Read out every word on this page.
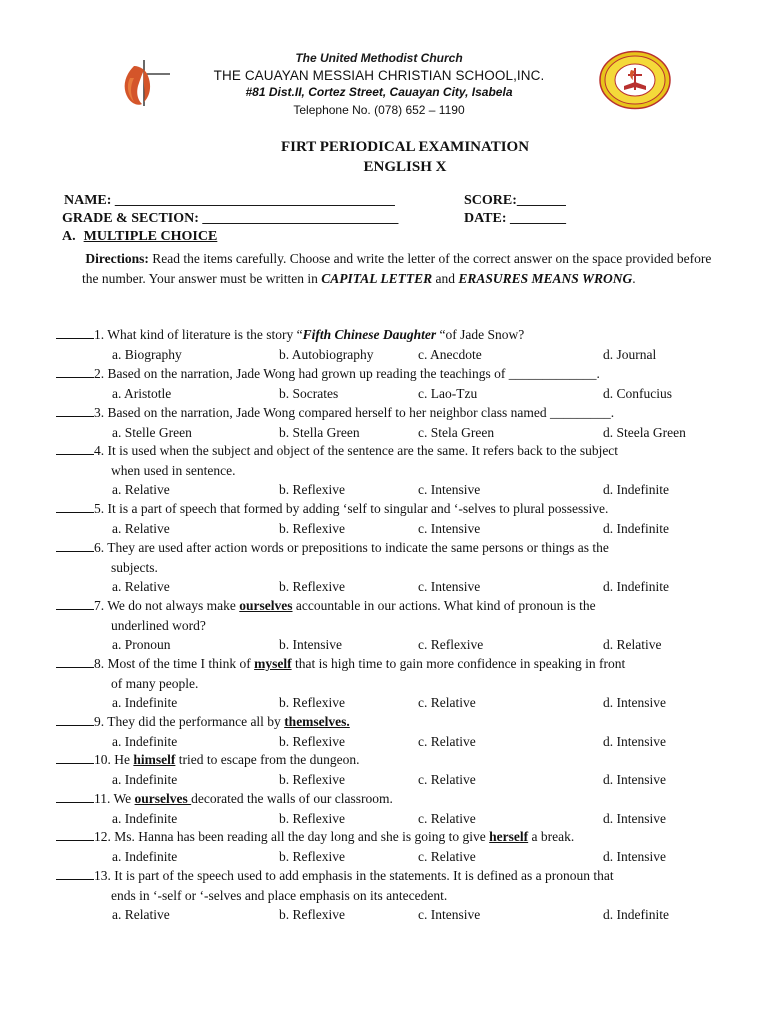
The United Methodist Church
THE CAUAYAN MESSIAH CHRISTIAN SCHOOL,INC.
#81 Dist.II, Cortez Street, Cauayan City, Isabela
Telephone No. (078) 652 – 1190
FIRT PERIODICAL EXAMINATION
ENGLISH X
NAME: ________________________________________	SCORE:_______
GRADE & SECTION: ____________________________	DATE: ________
A. MULTIPLE CHOICE
Directions: Read the items carefully. Choose and write the letter of the correct answer on the space provided before the number. Your answer must be written in CAPITAL LETTER and ERASURES MEANS WRONG.
1. What kind of literature is the story “Fifth Chinese Daughter “of Jade Snow?
a. Biography	b. Autobiography	c. Anecdote	d. Journal
2. Based on the narration, Jade Wong had grown up reading the teachings of _____________.
a. Aristotle	b. Socrates	c. Lao-Tzu	d. Confucius
3. Based on the narration, Jade Wong compared herself to her neighbor class named _________.
a. Stelle Green	b. Stella Green	c. Stela Green	d. Steela Green
4. It is used when the subject and object of the sentence are the same. It refers back to the subject
when used in sentence.
a. Relative	b. Reflexive	c. Intensive	d. Indefinite
5. It is a part of speech that formed by adding ‘self to singular and ‘-selves to plural possessive.
a. Relative	b. Reflexive	c. Intensive	d. Indefinite
6. They are used after action words or prepositions to indicate the same persons or things as the
subjects.
a. Relative	b. Reflexive	c. Intensive	d. Indefinite
7. We do not always make ourselves accountable in our actions. What kind of pronoun is the
underlined word?
a. Pronoun	b. Intensive	c. Reflexive	d. Relative
8. Most of the time I think of myself that is high time to gain more confidence in speaking in front
of many people.
a. Indefinite	b. Reflexive	c. Relative	d. Intensive
9. They did the performance all by themselves.
a. Indefinite	b. Reflexive	c. Relative	d. Intensive
10. He himself tried to escape from the dungeon.
a. Indefinite	b. Reflexive	c. Relative	d. Intensive
11. We ourselves decorated the walls of our classroom.
a. Indefinite	b. Reflexive	c. Relative	d. Intensive
12. Ms. Hanna has been reading all the day long and she is going to give herself a break.
a. Indefinite	b. Reflexive	c. Relative	d. Intensive
13. It is part of the speech used to add emphasis in the statements. It is defined as a pronoun that
ends in ‘-self or ‘-selves and place emphasis on its antecedent.
a. Relative	b. Reflexive	c. Intensive	d. Indefinite
